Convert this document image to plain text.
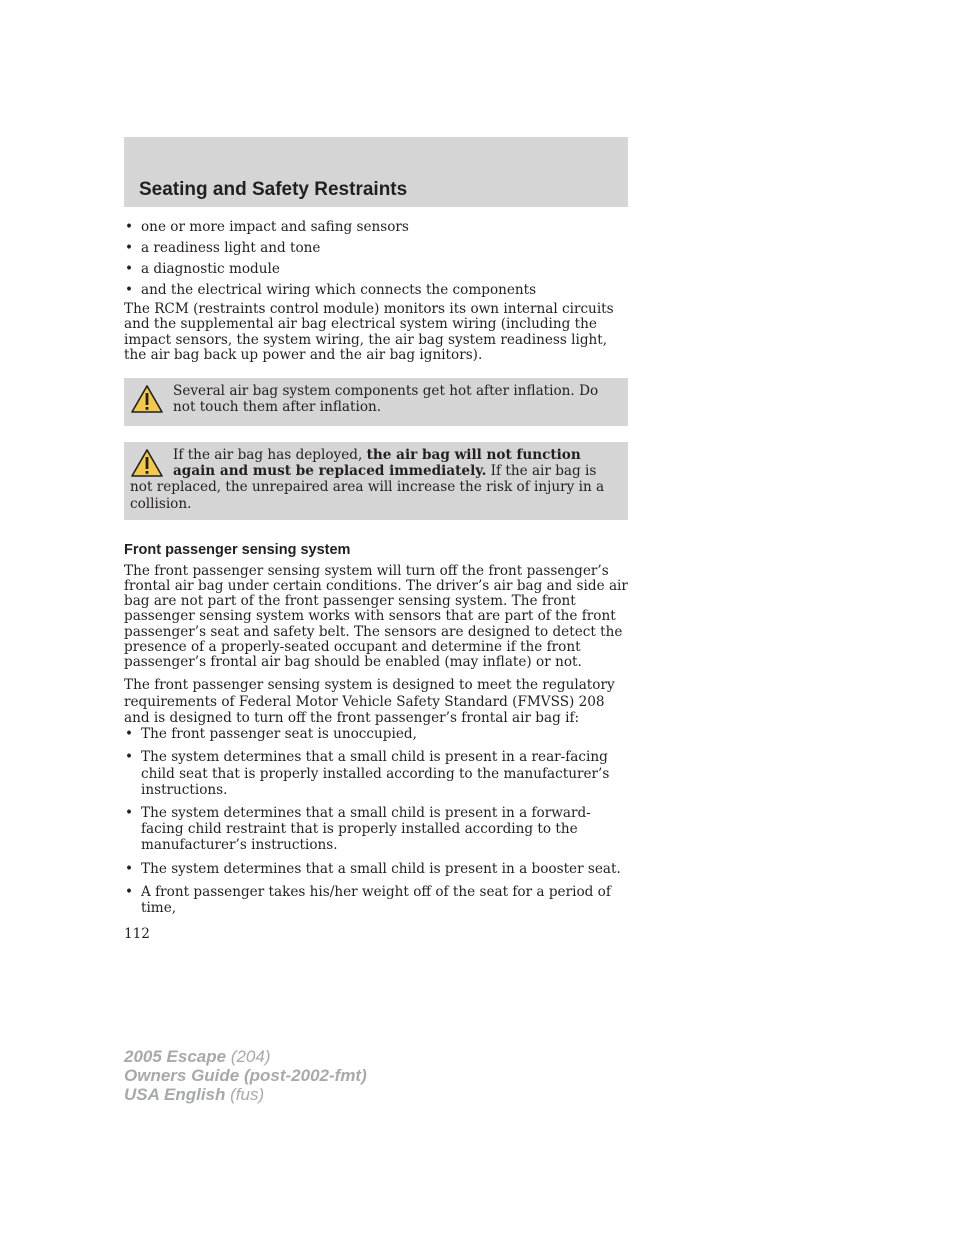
Seating and Safety Restraints
• one or more impact and safing sensors
• a readiness light and tone
• a diagnostic module
• and the electrical wiring which connects the components

The RCM (restraints control module) monitors its own internal circuits and the supplemental air bag electrical system wiring (including the impact sensors, the system wiring, the air bag system readiness light, the air bag back up power and the air bag ignitors).

Several air bag system components get hot after inflation. Do not touch them after inflation.
If the air bag has deployed, the air bag will not function again and must be replaced immediately. If the air bag is not replaced, the unrepaired area will increase the risk of injury in a collision.
Front passenger sensing system

The front passenger sensing system will turn off the front passenger’s frontal air bag under certain conditions. The driver’s air bag and side air bag are not part of the front passenger sensing system. The front passenger sensing system works with sensors that are part of the front passenger’s seat and safety belt. The sensors are designed to detect the presence of a properly-seated occupant and determine if the front passenger’s frontal air bag should be enabled (may inflate) or not.

The front passenger sensing system is designed to meet the regulatory requirements of Federal Motor Vehicle Safety Standard (FMVSS) 208 and is designed to turn off the front passenger’s frontal air bag if:

• The front passenger seat is unoccupied,
• The system determines that a small child is present in a rear-facing child seat that is properly installed according to the manufacturer’s instructions.
• The system determines that a small child is present in a forward-facing child restraint that is properly installed according to the manufacturer’s instructions.
• The system determines that a small child is present in a booster seat.
• A front passenger takes his/her weight off of the seat for a period of time,
112
2005 Escape (204)
Owners Guide (post-2002-fmt)
USA English (fus)
